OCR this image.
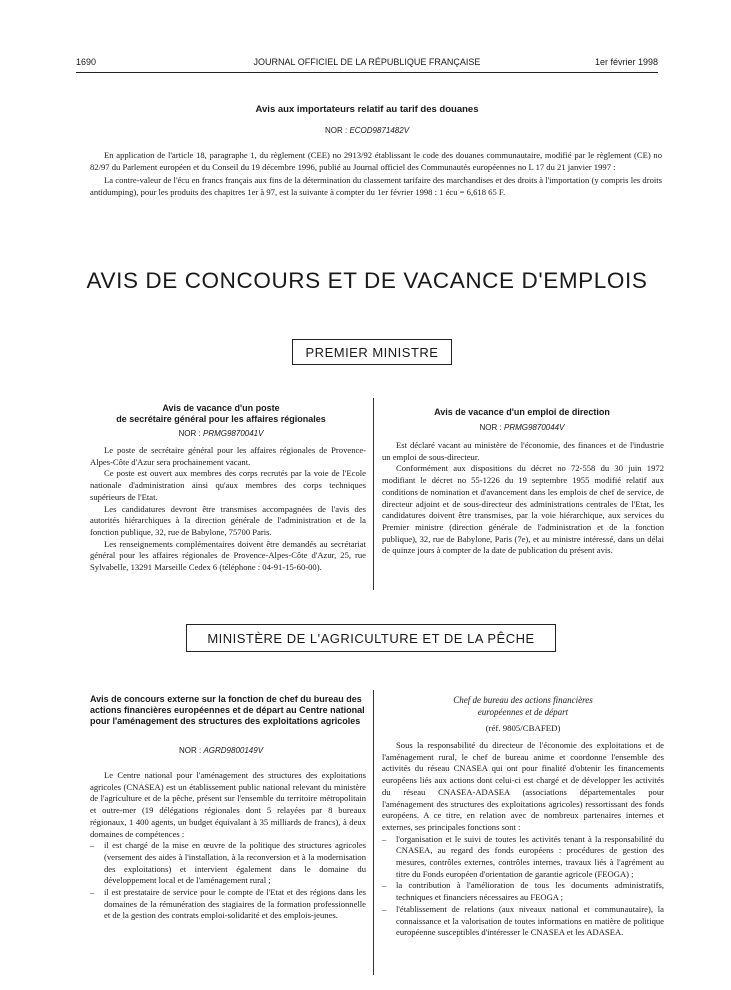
1690	JOURNAL OFFICIEL DE LA RÉPUBLIQUE FRANÇAISE	1er février 1998
Avis aux importateurs relatif au tarif des douanes
NOR : ECOD9871482V

En application de l'article 18, paragraphe 1, du règlement (CEE) no 2913/92 établissant le code des douanes communautaire, modifié par le règlement (CE) no 82/97 du Parlement européen et du Conseil du 19 décembre 1996, publié au Journal officiel des Communautés européennes no L 17 du 21 janvier 1997 :

La contre-valeur de l'écu en francs français aux fins de la détermination du classement tarifaire des marchandises et des droits à l'importation (y compris les droits antidumping), pour les produits des chapitres 1er à 97, est la suivante à compter du 1er février 1998 : 1 écu = 6,618 65 F.

AVIS DE CONCOURS ET DE VACANCE D'EMPLOIS
PREMIER MINISTRE
Avis de vacance d'un poste
de secrétaire général pour les affaires régionales
NOR : PRMG9870041V

Le poste de secrétaire général pour les affaires régionales de Provence-Alpes-Côte d'Azur sera prochainement vacant.

Ce poste est ouvert aux membres des corps recrutés par la voie de l'Ecole nationale d'administration ainsi qu'aux membres des corps techniques supérieurs de l'Etat.

Les candidatures devront être transmises accompagnées de l'avis des autorités hiérarchiques à la direction générale de l'administration et de la fonction publique, 32, rue de Babylone, 75700 Paris.

Les renseignements complémentaires doivent être demandés au secrétariat général pour les affaires régionales de Provence-Alpes-Côte d'Azur, 25, rue Sylvabelle, 13291 Marseille Cedex 6 (téléphone : 04-91-15-60-00).

Avis de vacance d'un emploi de direction
NOR : PRMG9870044V

Est déclaré vacant au ministère de l'économie, des finances et de l'industrie un emploi de sous-directeur.

Conformément aux dispositions du décret no 72-558 du 30 juin 1972 modifiant le décret no 55-1226 du 19 septembre 1955 modifié relatif aux conditions de nomination et d'avancement dans les emplois de chef de service, de directeur adjoint et de sous-directeur des administrations centrales de l'Etat, les candidatures doivent être transmises, par la voie hiérarchique, aux services du Premier ministre (direction générale de l'administration et de la fonction publique), 32, rue de Babylone, Paris (7e), et au ministre intéressé, dans un délai de quinze jours à compter de la date de publication du présent avis.

MINISTÈRE DE L'AGRICULTURE ET DE LA PÊCHE
Avis de concours externe sur la fonction de chef du bureau des actions financières européennes et de départ au Centre national pour l'aménagement des structures des exploitations agricoles
NOR : AGRD9800149V

Le Centre national pour l'aménagement des structures des exploitations agricoles (CNASEA) est un établissement public national relevant du ministère de l'agriculture et de la pêche, présent sur l'ensemble du territoire métropolitain et outre-mer (19 délégations régionales dont 5 relayées par 8 bureaux régionaux, 1 400 agents, un budget équivalant à 35 milliards de francs), à deux domaines de compétences :

–	il est chargé de la mise en œuvre de la politique des structures agricoles (versement des aides à l'installation, à la reconversion et à la modernisation des exploitations) et intervient également dans le domaine du développement local et de l'aménagement rural ;
–	il est prestataire de service pour le compte de l'Etat et des régions dans les domaines de la rémunération des stagiaires de la formation professionnelle et de la gestion des contrats emploi-solidarité et des emplois-jeunes.
Chef de bureau des actions financières
européennes et de départ
(réf. 9805/CBAFED)

Sous la responsabilité du directeur de l'économie des exploitations et de l'aménagement rural, le chef de bureau anime et coordonne l'ensemble des activités du réseau CNASEA qui ont pour finalité d'obtenir les financements européens liés aux actions dont celui-ci est chargé et de développer les activités du réseau CNASEA-ADASEA (associations départementales pour l'aménagement des structures des exploitations agricoles) ressortissant des fonds européens. A ce titre, en relation avec de nombreux partenaires internes et externes, ses principales fonctions sont :

–	l'organisation et le suivi de toutes les activités tenant à la responsabilité du CNASEA, au regard des fonds européens : procédures de gestion des mesures, contrôles externes, contrôles internes, travaux liés à l'agrément au titre du Fonds européen d'orientation de garantie agricole (FEOGA) ;
–	la contribution à l'amélioration de tous les documents administratifs, techniques et financiers nécessaires au FEOGA ;
–	l'établissement de relations (aux niveaux national et communautaire), la connaissance et la valorisation de toutes informations en matière de politique européenne susceptibles d'intéresser le CNASEA et les ADASEA.
